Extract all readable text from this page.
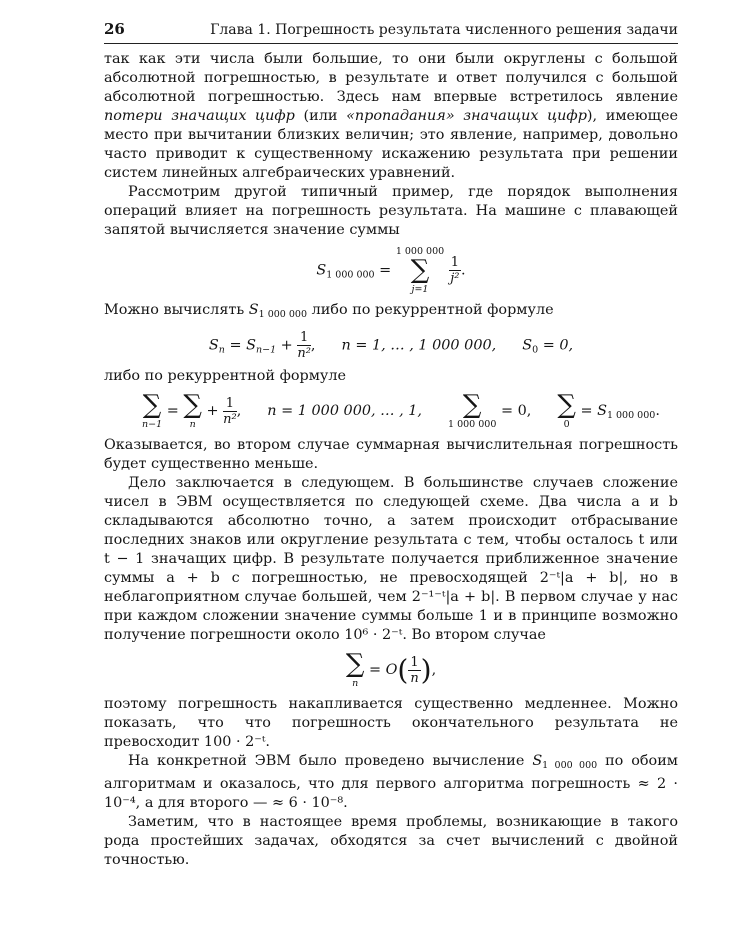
26	Глава 1. Погрешность результата численного решения задачи

так как эти числа были большие, то они были округлены с большой абсолютной погрешностью, в результате и ответ получился с большой абсолютной погрешностью. Здесь нам впервые встретилось явление потери значащих цифр (или «пропадания» значащих цифр), имеющее место при вычитании близких величин; это явление, например, довольно часто приводит к существенному искажению результата при решении систем линейных алгебраических уравнений.

Рассмотрим другой типичный пример, где порядок выполнения операций влияет на погрешность результата. На машине с плавающей запятой вычисляется значение суммы

$S_{1 000 000}$ =
1 000 000
∑
j=1

$\frac{1}{\text{j²}}$ .

Можно вычислять $S_{1 000 000}$ либо по рекуррентной формуле

$S_n = S_{n-1} + \frac{1}{\text{n²}}$ , n = 1, … , 1 000 000, $S_0 = 0$,

либо по рекуррентной формуле

∑
n−1
= ∑
n
+ $\frac{1}{\text{n²}}$ , n = 1 000 000, … , 1, ∑
1 000 000
= 0, ∑
0
= $S_{1 000 000}$.

Оказывается, во втором случае суммарная вычислительная погрешность будет существенно меньше.

Дело заключается в следующем. В большинстве случаев сложение чисел в ЭВМ осуществляется по следующей схеме. Два числа a и b складываются абсолютно точно, а затем происходит отбрасывание последних знаков или округление результата с тем, чтобы осталось t или t − 1 значащих цифр. В результате получается приближенное значение суммы a + b с погрешностью, не превосходящей 2⁻ᵗ|a + b|, но в неблагоприятном случае большей, чем 2⁻¹⁻ᵗ|a + b|. В первом случае у нас при каждом сложении значение суммы больше 1 и в принципе возможно получение погрешности около 10⁶ · 2⁻ᵗ. Во втором случае

∑
n
= $O( \frac{1}{n}$ ),

поэтому погрешность накапливается существенно медленнее. Можно показать, что что погрешность окончательного результата не превосходит 100 · 2⁻ᵗ.

На конкретной ЭВМ было проведено вычисление $S_{1 000 000}$ по обоим алгоритмам и оказалось, что для первого алгоритма погрешность ≈ 2 · 10⁻⁴, а для второго — ≈ 6 · 10⁻⁸.

Заметим, что в настоящее время проблемы, возникающие в такого рода простейших задачах, обходятся за счет вычислений с двойной точностью.
